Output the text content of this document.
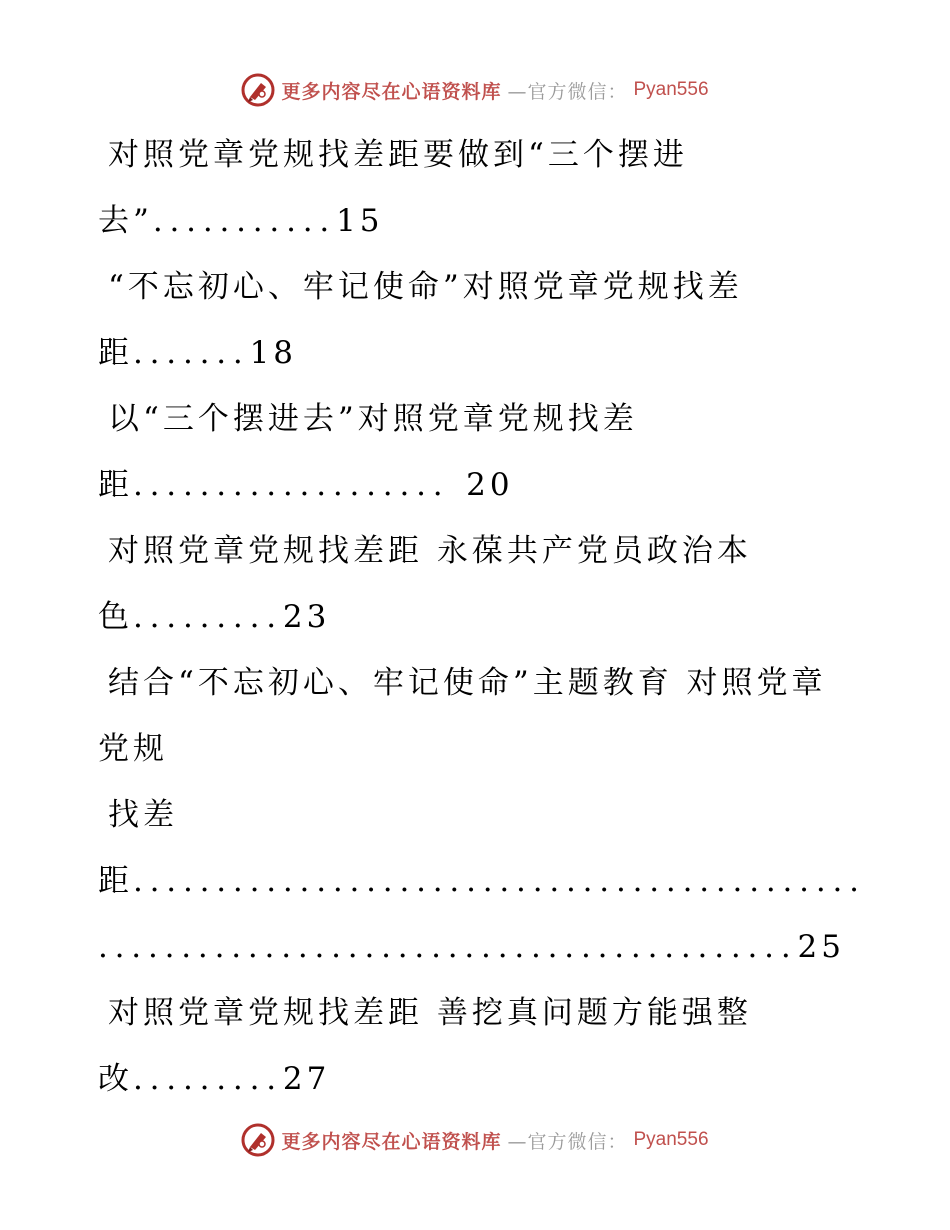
更多内容尽在心语资料库 —官方微信： Pyan556
对照党章党规找差距要做到“三个摆进
去”...........15
“不忘初心、牢记使命”对照党章党规找差
距.......18
以“三个摆进去”对照党章党规找差
距................... 20
对照党章党规找差距 永葆共产党员政治本
色.........23
结合“不忘初心、牢记使命”主题教育 对照党章
党规
找差
距............................................
..........................................25
对照党章党规找差距 善挖真问题方能强整
改.........27
更多内容尽在心语资料库 —官方微信： Pyan556
